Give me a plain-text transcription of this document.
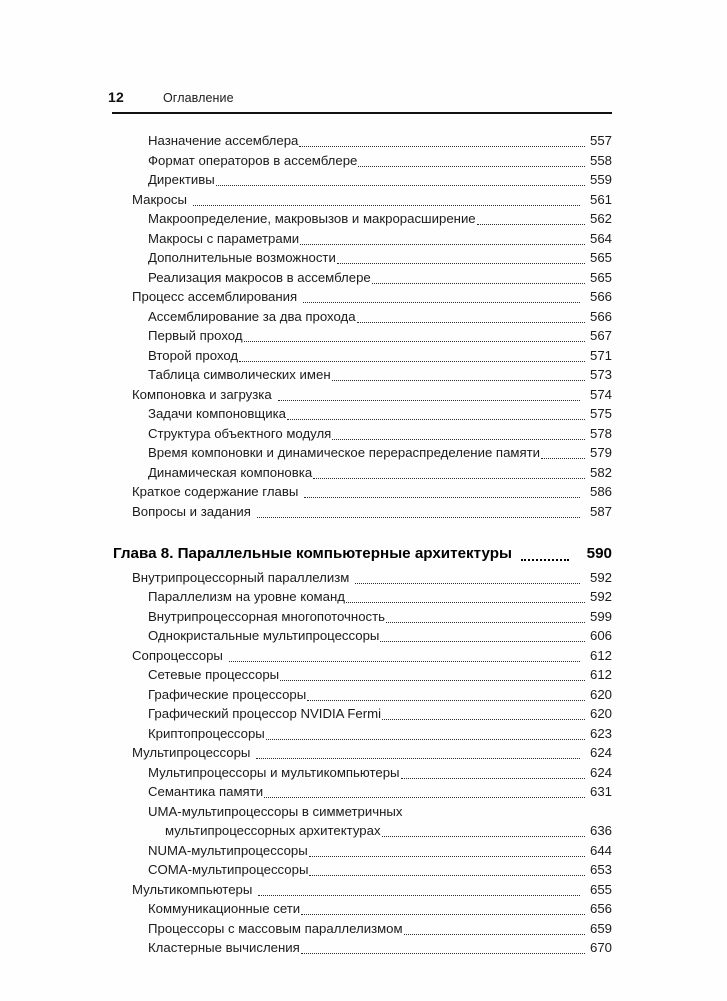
12	Оглавление
Назначение ассемблера	557
Формат операторов в ассемблере	558
Директивы	559
Макросы	561
Макроопределение, макровызов и макрорасширение	562
Макросы с параметрами	564
Дополнительные возможности	565
Реализация макросов в ассемблере	565
Процесс ассемблирования	566
Ассемблирование за два прохода	566
Первый проход	567
Второй проход	571
Таблица символических имен	573
Компоновка и загрузка	574
Задачи компоновщика	575
Структура объектного модуля	578
Время компоновки и динамическое перераспределение памяти	579
Динамическая компоновка	582
Краткое содержание главы	586
Вопросы и задания	587
Глава 8. Параллельные компьютерные архитектуры	590
Внутрипроцессорный параллелизм	592
Параллелизм на уровне команд	592
Внутрипроцессорная многопоточность	599
Однокристальные мультипроцессоры	606
Сопроцессоры	612
Сетевые процессоры	612
Графические процессоры	620
Графический процессор NVIDIA Fermi	620
Криптопроцессоры	623
Мультипроцессоры	624
Мультипроцессоры и мультикомпьютеры	624
Семантика памяти	631
UMA-мультипроцессоры в симметричных
мультипроцессорных архитектурах	636
NUMA-мультипроцессоры	644
COMA-мультипроцессоры	653
Мультикомпьютеры	655
Коммуникационные сети	656
Процессоры с массовым параллелизмом	659
Кластерные вычисления	670
